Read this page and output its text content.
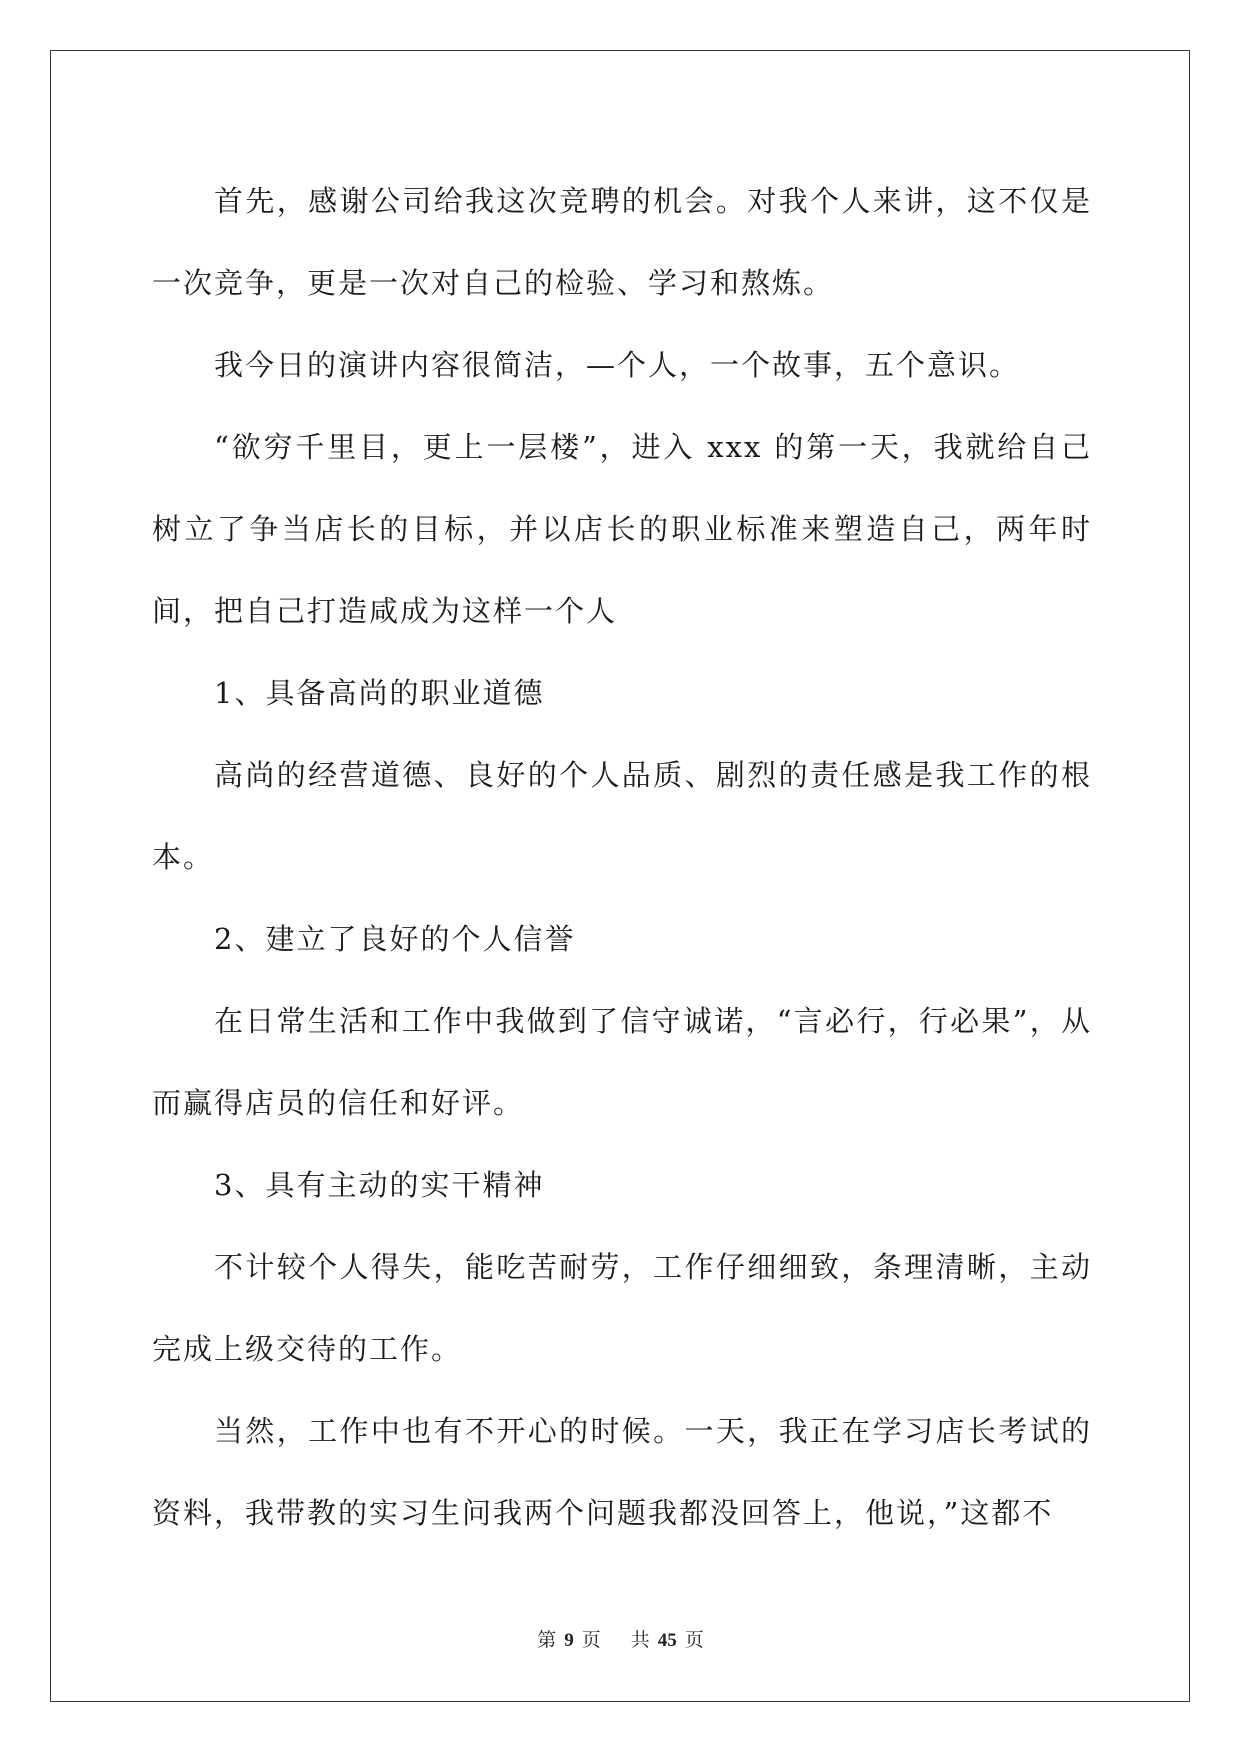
首先，感谢公司给我这次竞聘的机会。对我个人来讲，这不仅是一次竞争，更是一次对自己的检验、学习和熬炼。

我今日的演讲内容很简洁，—个人，一个故事，五个意识。

“欲穷千里目，更上一层楼”，进入 xxx 的第一天，我就给自己树立了争当店长的目标，并以店长的职业标准来塑造自己，两年时间，把自己打造咸成为这样一个人

1、具备高尚的职业道德

高尚的经营道德、良好的个人品质、剧烈的责任感是我工作的根本。

2、建立了良好的个人信誉

在日常生活和工作中我做到了信守诚诺，“言必行，行必果”，从而赢得店员的信任和好评。

3、具有主动的实干精神

不计较个人得失，能吃苦耐劳，工作仔细细致，条理清晰，主动完成上级交待的工作。

当然，工作中也有不开心的时候。一天，我正在学习店长考试的资料，我带教的实习生问我两个问题我都没回答上，他说，”这都不

第 9 页 共 45 页
